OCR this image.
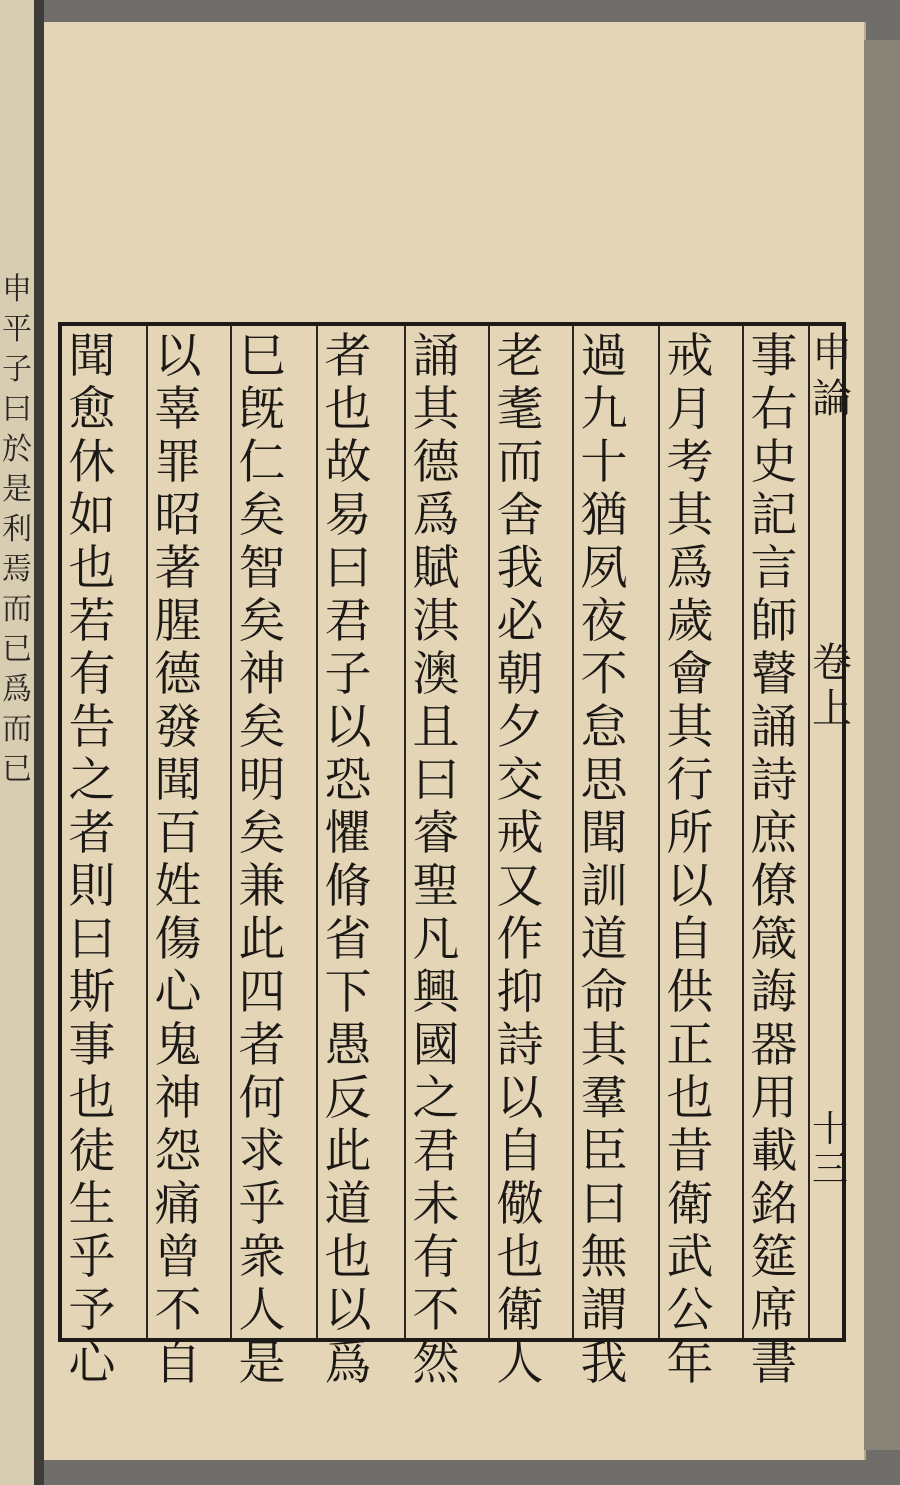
申
平
子
曰
於
是
利
焉
而
已
爲
而
已
事
右
史
記
言
師
瞽
誦
詩
庶
僚
箴
誨
器
用
載
銘
筵
席
書
戒
月
考
其
爲
歲
會
其
行
所
以
自
供
正
也
昔
衛
武
公
年
過
九
十
猶
夙
夜
不
怠
思
聞
訓
道
命
其
羣
臣
曰
無
謂
我
老
耄
而
舍
我
必
朝
夕
交
戒
又
作
抑
詩
以
自
儆
也
衛
人
誦
其
德
爲
賦
淇
澳
且
曰
睿
聖
凡
興
國
之
君
未
有
不
然
者
也
故
易
曰
君
子
以
恐
懼
脩
省
下
愚
反
此
道
也
以
爲
巳
旣
仁
矣
智
矣
神
矣
明
矣
兼
此
四
者
何
求
乎
衆
人
是
以
辜
罪
昭
著
腥
德
發
聞
百
姓
傷
心
鬼
神
怨
痛
曾
不
自
聞
愈
休
如
也
若
有
告
之
者
則
曰
斯
事
也
徒
生
乎
予
心
申
論
卷
上
十
三
